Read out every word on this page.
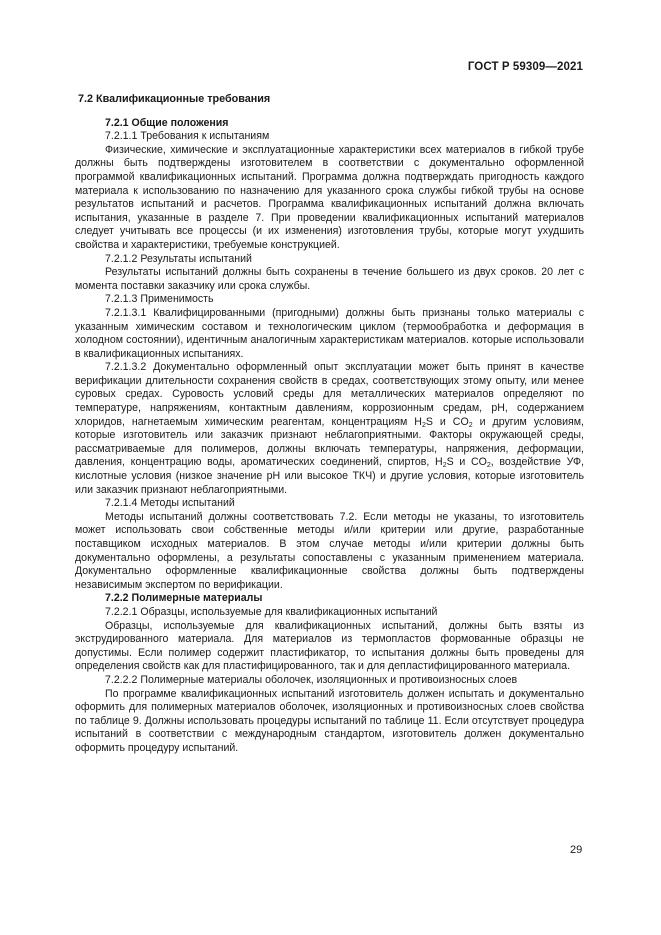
ГОСТ Р 59309—2021
7.2 Квалификационные требования
7.2.1 Общие положения
7.2.1.1 Требования к испытаниям

Физические, химические и эксплуатационные характеристики всех материалов в гибкой трубе должны быть подтверждены изготовителем в соответствии с документально оформленной программой квалификационных испытаний. Программа должна подтверждать пригодность каждого материала к использованию по назначению для указанного срока службы гибкой трубы на основе результатов испытаний и расчетов. Программа квалификационных испытаний должна включать испытания, указанные в разделе 7. При проведении квалификационных испытаний материалов следует учитывать все процессы (и их изменения) изготовления трубы, которые могут ухудшить свойства и характеристики, требуемые конструкцией.

7.2.1.2 Результаты испытаний

Результаты испытаний должны быть сохранены в течение большего из двух сроков. 20 лет с момента поставки заказчику или срока службы.

7.2.1.3 Применимость

7.2.1.3.1 Квалифицированными (пригодными) должны быть признаны только материалы с указанным химическим составом и технологическим циклом (термообработка и деформация в холодном состоянии), идентичным аналогичным характеристикам материалов. которые использовали в квалификационных испытаниях.

7.2.1.3.2 Документально оформленный опыт эксплуатации может быть принят в качестве верификации длительности сохранения свойств в средах, соответствующих этому опыту, или менее суровых средах. Суровость условий среды для металлических материалов определяют по температуре, напряжениям, контактным давлениям, коррозионным средам, pH, содержанием хлоридов, нагнетаемым химическим реагентам, концентрациям $H_2S$ и $CO_2$ и другим условиям, которые изготовитель или заказчик признают неблагоприятными. Факторы окружающей среды, рассматриваемые для полимеров, должны включать температуры, напряжения, деформации, давления, концентрацию воды, ароматических соединений, спиртов, $H_2S$ и $CO_2$, воздействие УФ, кислотные условия (низкое значение pH или высокое ТКЧ) и другие условия, которые изготовитель или заказчик признают неблагоприятными.

7.2.1.4 Методы испытаний

Методы испытаний должны соответствовать 7.2. Если методы не указаны, то изготовитель может использовать свои собственные методы и/или критерии или другие, разработанные поставщиком исходных материалов. В этом случае методы и/или критерии должны быть документально оформлены, а результаты сопоставлены с указанным применением материала. Документально оформленные квалификационные свойства должны быть подтверждены независимым экспертом по верификации.

7.2.2 Полимерные материалы
7.2.2.1 Образцы, используемые для квалификационных испытаний

Образцы, используемые для квалификационных испытаний, должны быть взяты из экструдированного материала. Для материалов из термопластов формованные образцы не допустимы. Если полимер содержит пластификатор, то испытания должны быть проведены для определения свойств как для пластифицированного, так и для депластифицированного материала.

7.2.2.2 Полимерные материалы оболочек, изоляционных и противоизносных слоев

По программе квалификационных испытаний изготовитель должен испытать и документально оформить для полимерных материалов оболочек, изоляционных и противоизносных слоев свойства по таблице 9. Должны использовать процедуры испытаний по таблице 11. Если отсутствует процедура испытаний в соответствии с международным стандартом, изготовитель должен документально оформить процедуру испытаний.

29
